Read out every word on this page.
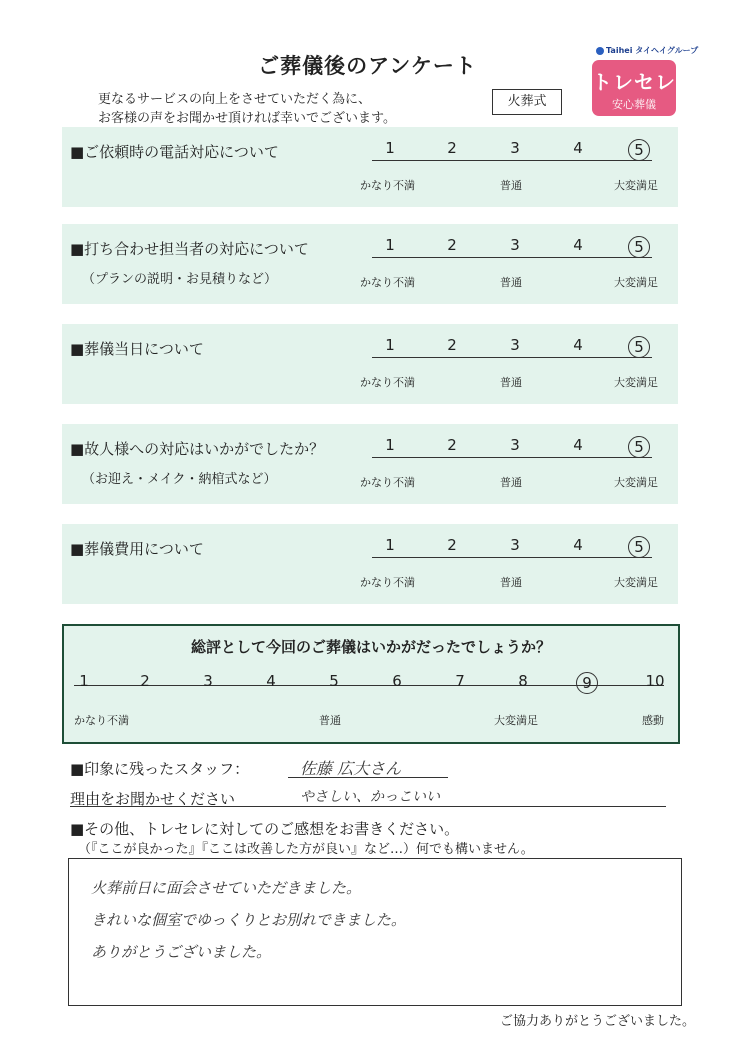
ご葬儀後のアンケート
更なるサービスの向上をさせていただく為に、
お客様の声をお聞かせ頂ければ幸いでございます。
火葬式
Taihei タイヘイグループ
トレセレ
安心葬儀
■ご依頼時の電話対応について	1	2	3	4	5
かなり不満	普通	大変満足
■打ち合わせ担当者の対応について
（プランの説明・お見積りなど）
1	2	3	4	5
かなり不満	普通	大変満足
■葬儀当日について	1	2	3	4	5
かなり不満	普通	大変満足
■故人様への対応はいかがでしたか？
（お迎え・メイク・納棺式など）
1	2	3	4	5
かなり不満	普通	大変満足
■葬儀費用について	1	2	3	4	5
かなり不満	普通	大変満足
総評として今回のご葬儀はいかがだったでしょうか？
1	2	3	4	5	6	7	8	9	10
かなり不満	普通	大変満足	感動
■印象に残ったスタッフ：	佐藤 広大さん
理由をお聞かせください	やさしい、かっこいい
■その他、トレセレに対してのご感想をお書きください。
（『ここが良かった』『ここは改善した方が良い』など…）何でも構いません。
火葬前日に面会させていただきました。
きれいな個室でゆっくりとお別れできました。
ありがとうございました。
ご協力ありがとうございました。
